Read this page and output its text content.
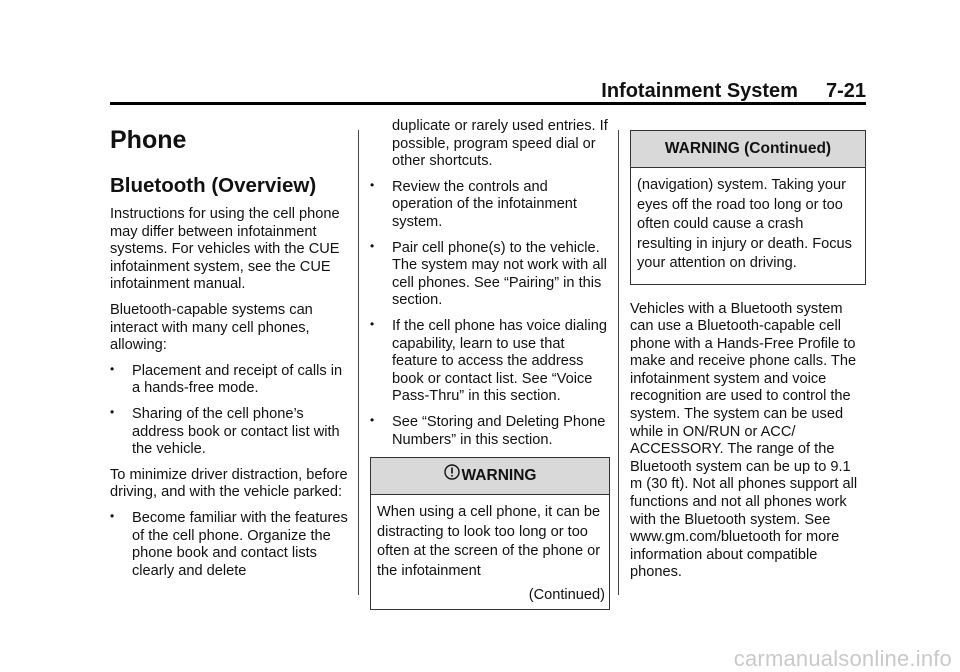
Infotainment System 7-21
Phone
Bluetooth (Overview)

Instructions for using the cell phone may differ between infotainment systems. For vehicles with the CUE infotainment system, see the CUE infotainment manual.

Bluetooth-capable systems can interact with many cell phones, allowing:

• Placement and receipt of calls in a hands-free mode.
• Sharing of the cell phone’s address book or contact list with the vehicle.

To minimize driver distraction, before driving, and with the vehicle parked:

• Become familiar with the features of the cell phone. Organize the phone book and contact lists clearly and delete

duplicate or rarely used entries. If possible, program speed dial or other shortcuts.

• Review the controls and operation of the infotainment system.
• Pair cell phone(s) to the vehicle. The system may not work with all cell phones. See “Pairing” in this section.
• If the cell phone has voice dialing capability, learn to use that feature to access the address book or contact list. See “Voice Pass-Thru” in this section.
• See “Storing and Deleting Phone Numbers” in this section.
WARNING
When using a cell phone, it can be distracting to look too long or too often at the screen of the phone or the infotainment
(Continued)
WARNING (Continued)
(navigation) system. Taking your eyes off the road too long or too often could cause a crash resulting in injury or death. Focus your attention on driving.

Vehicles with a Bluetooth system can use a Bluetooth-capable cell phone with a Hands-Free Profile to make and receive phone calls. The infotainment system and voice recognition are used to control the system. The system can be used while in ON/RUN or ACC/ ACCESSORY. The range of the Bluetooth system can be up to 9.1 m (30 ft). Not all phones support all functions and not all phones work with the Bluetooth system. See www.gm.com/bluetooth for more information about compatible phones.

carmanualsonline.info
